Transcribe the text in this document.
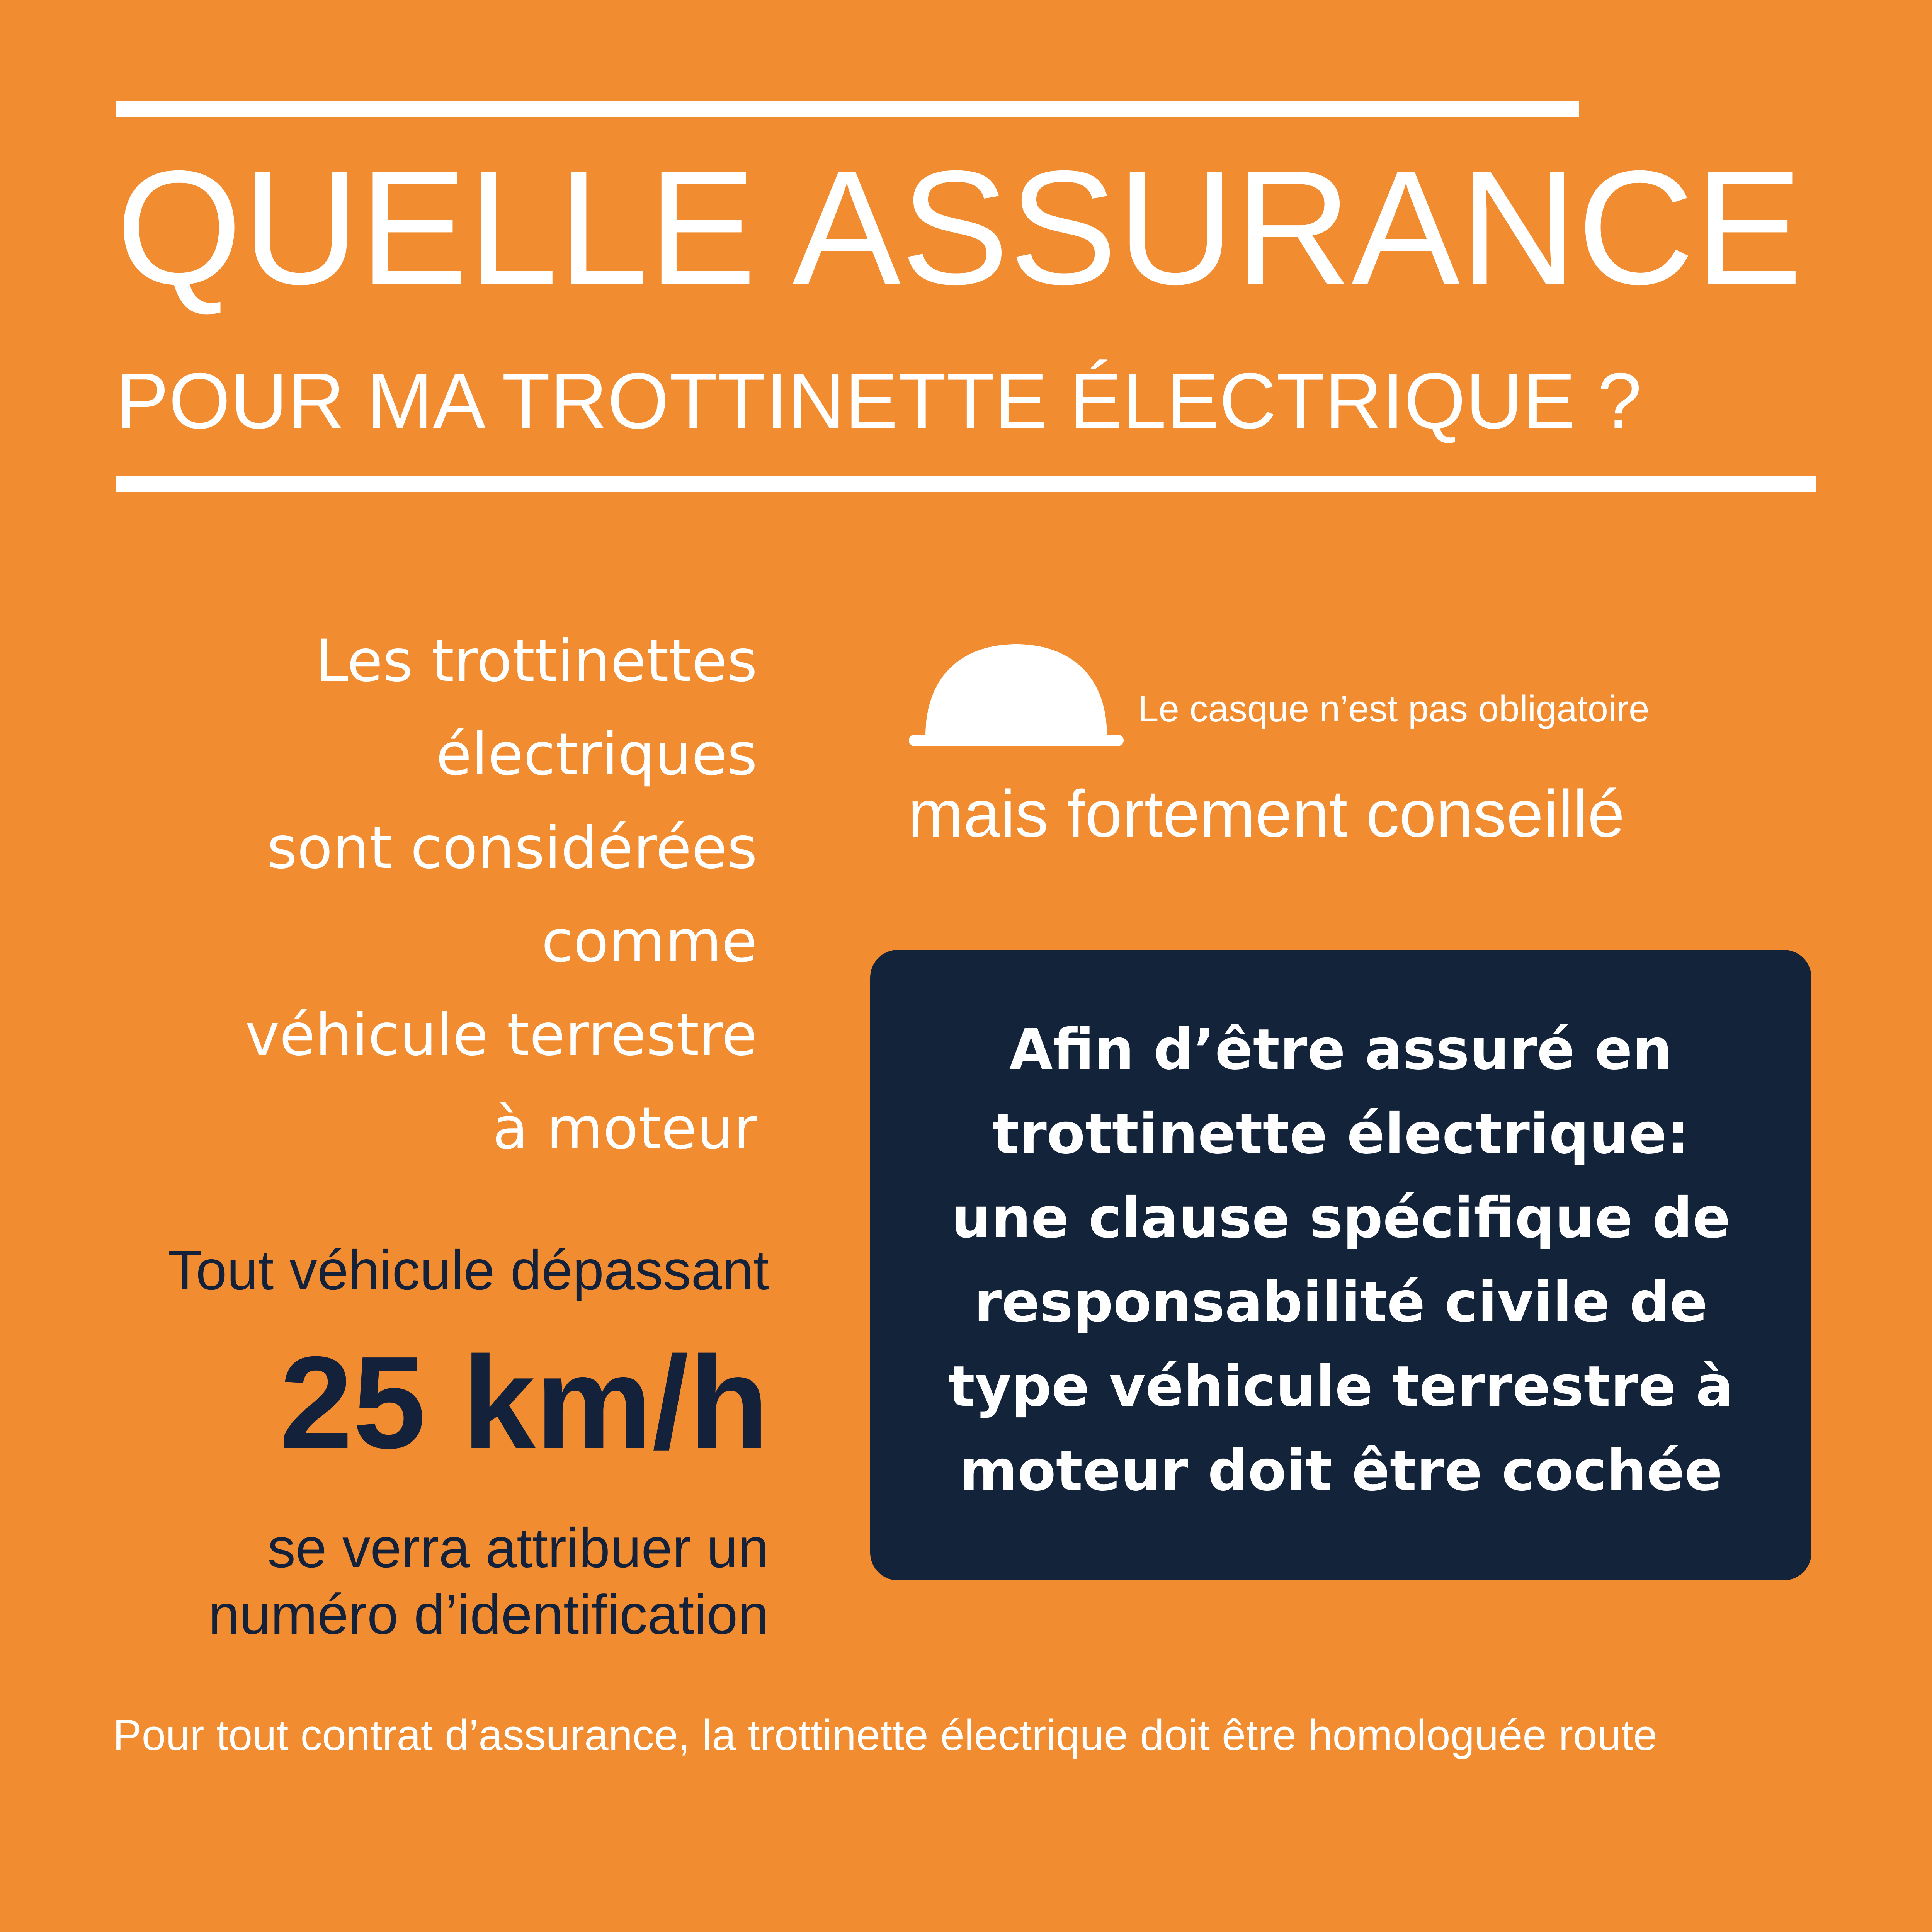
QUELLE ASSURANCE
POUR MA TROTTINETTE ÉLECTRIQUE ?
Les trottinettes
électriques
sont considérées
comme
véhicule terrestre
à moteur
Tout véhicule dépassant
25 km/h
se verra attribuer un
numéro d’identification
Le casque n’est pas obligatoire
mais fortement conseillé
Afin d’être assuré en
trottinette électrique:
une clause spécifique de
responsabilité civile de
type véhicule terrestre à
moteur doit être cochée
Pour tout contrat d’assurance, la trottinette électrique doit être homologuée route
